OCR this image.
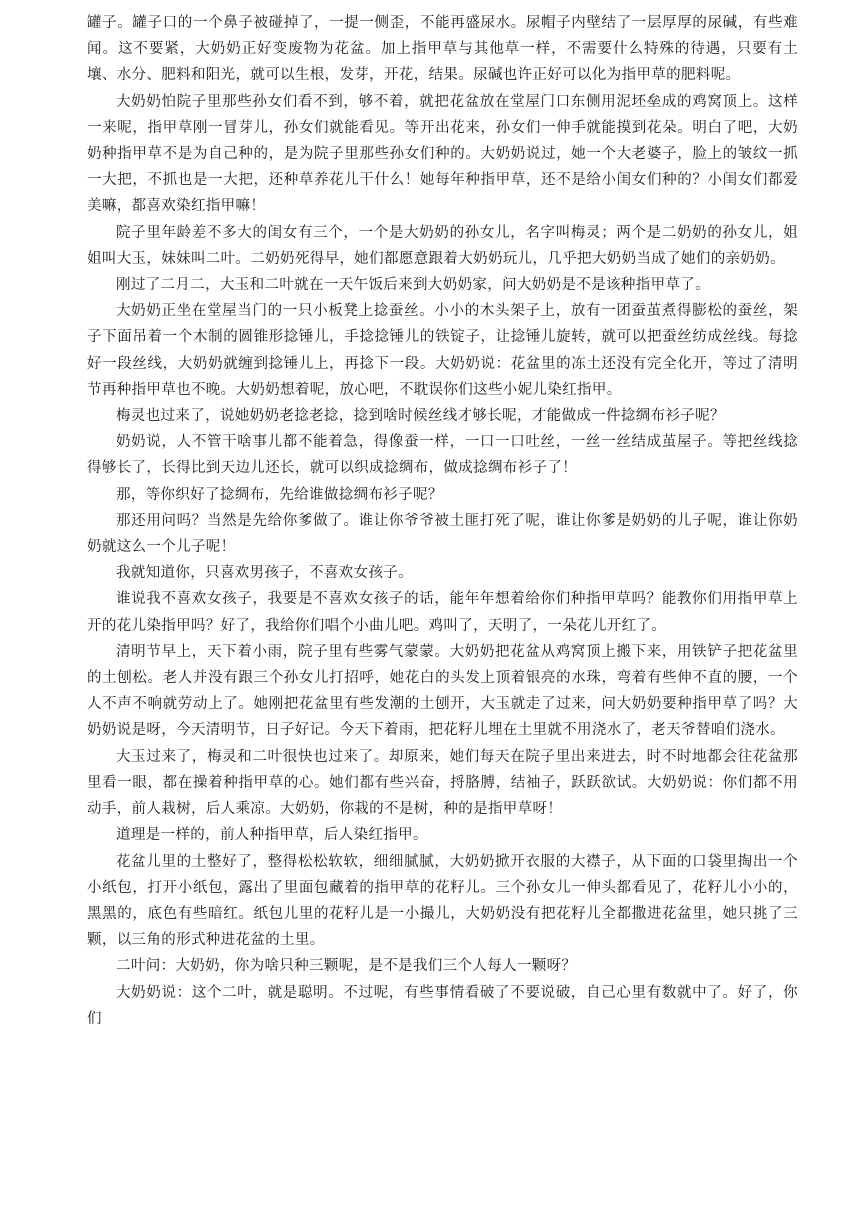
罐子。罐子口的一个鼻子被碰掉了，一提一侧歪，不能再盛尿水。尿帽子内壁结了一层厚厚的尿碱，有些难闻。这不要紧，大奶奶正好变废物为花盆。加上指甲草与其他草一样，不需要什么特殊的待遇，只要有土壤、水分、肥料和阳光，就可以生根，发芽，开花，结果。尿碱也许正好可以化为指甲草的肥料呢。

大奶奶怕院子里那些孙女们看不到，够不着，就把花盆放在堂屋门口东侧用泥坯垒成的鸡窝顶上。这样一来呢，指甲草刚一冒芽儿，孙女们就能看见。等开出花来，孙女们一伸手就能摸到花朵。明白了吧，大奶奶种指甲草不是为自己种的，是为院子里那些孙女们种的。大奶奶说过，她一个大老婆子，脸上的皱纹一抓一大把，不抓也是一大把，还种草养花儿干什么！她每年种指甲草，还不是给小闺女们种的？小闺女们都爱美嘛，都喜欢染红指甲嘛！

院子里年龄差不多大的闺女有三个，一个是大奶奶的孙女儿，名字叫梅灵；两个是二奶奶的孙女儿，姐姐叫大玉，妹妹叫二叶。二奶奶死得早，她们都愿意跟着大奶奶玩儿，几乎把大奶奶当成了她们的亲奶奶。

刚过了二月二，大玉和二叶就在一天午饭后来到大奶奶家，问大奶奶是不是该种指甲草了。

大奶奶正坐在堂屋当门的一只小板凳上捻蚕丝。小小的木头架子上，放有一团蚕茧煮得膨松的蚕丝，架子下面吊着一个木制的圆锥形捻锤儿，手捻捻锤儿的铁锭子，让捻锤儿旋转，就可以把蚕丝纺成丝线。每捻好一段丝线，大奶奶就缠到捻锤儿上，再捻下一段。大奶奶说：花盆里的冻土还没有完全化开，等过了清明节再种指甲草也不晚。大奶奶想着呢，放心吧，不耽误你们这些小妮儿染红指甲。

梅灵也过来了，说她奶奶老捻老捻，捻到啥时候丝线才够长呢，才能做成一件捻绸布衫子呢？

奶奶说，人不管干啥事儿都不能着急，得像蚕一样，一口一口吐丝，一丝一丝结成茧屋子。等把丝线捻得够长了，长得比到天边儿还长，就可以织成捻绸布，做成捻绸布衫子了！

那，等你织好了捻绸布，先给谁做捻绸布衫子呢？

那还用问吗？当然是先给你爹做了。谁让你爷爷被土匪打死了呢，谁让你爹是奶奶的儿子呢，谁让你奶奶就这么一个儿子呢！

我就知道你，只喜欢男孩子，不喜欢女孩子。

谁说我不喜欢女孩子，我要是不喜欢女孩子的话，能年年想着给你们种指甲草吗？能教你们用指甲草上开的花儿染指甲吗？好了，我给你们唱个小曲儿吧。鸡叫了，天明了，一朵花儿开红了。

清明节早上，天下着小雨，院子里有些雾气蒙蒙。大奶奶把花盆从鸡窝顶上搬下来，用铁铲子把花盆里的土刨松。老人并没有跟三个孙女儿打招呼，她花白的头发上顶着银亮的水珠，弯着有些伸不直的腰，一个人不声不响就劳动上了。她刚把花盆里有些发潮的土刨开，大玉就走了过来，问大奶奶要种指甲草了吗？大奶奶说是呀，今天清明节，日子好记。今天下着雨，把花籽儿埋在土里就不用浇水了，老天爷替咱们浇水。

大玉过来了，梅灵和二叶很快也过来了。却原来，她们每天在院子里出来进去，时不时地都会往花盆那里看一眼，都在操着种指甲草的心。她们都有些兴奋，捋胳膊，结袖子，跃跃欲试。大奶奶说：你们都不用动手，前人栽树，后人乘凉。大奶奶，你栽的不是树，种的是指甲草呀！

道理是一样的，前人种指甲草，后人染红指甲。

花盆儿里的土整好了，整得松松软软，细细腻腻，大奶奶掀开衣服的大襟子，从下面的口袋里掏出一个小纸包，打开小纸包，露出了里面包藏着的指甲草的花籽儿。三个孙女儿一伸头都看见了，花籽儿小小的，黑黑的，底色有些暗红。纸包儿里的花籽儿是一小撮儿，大奶奶没有把花籽儿全都撒进花盆里，她只挑了三颗，以三角的形式种进花盆的土里。

二叶问：大奶奶，你为啥只种三颗呢，是不是我们三个人每人一颗呀？

大奶奶说：这个二叶，就是聪明。不过呢，有些事情看破了不要说破，自己心里有数就中了。好了，你们
